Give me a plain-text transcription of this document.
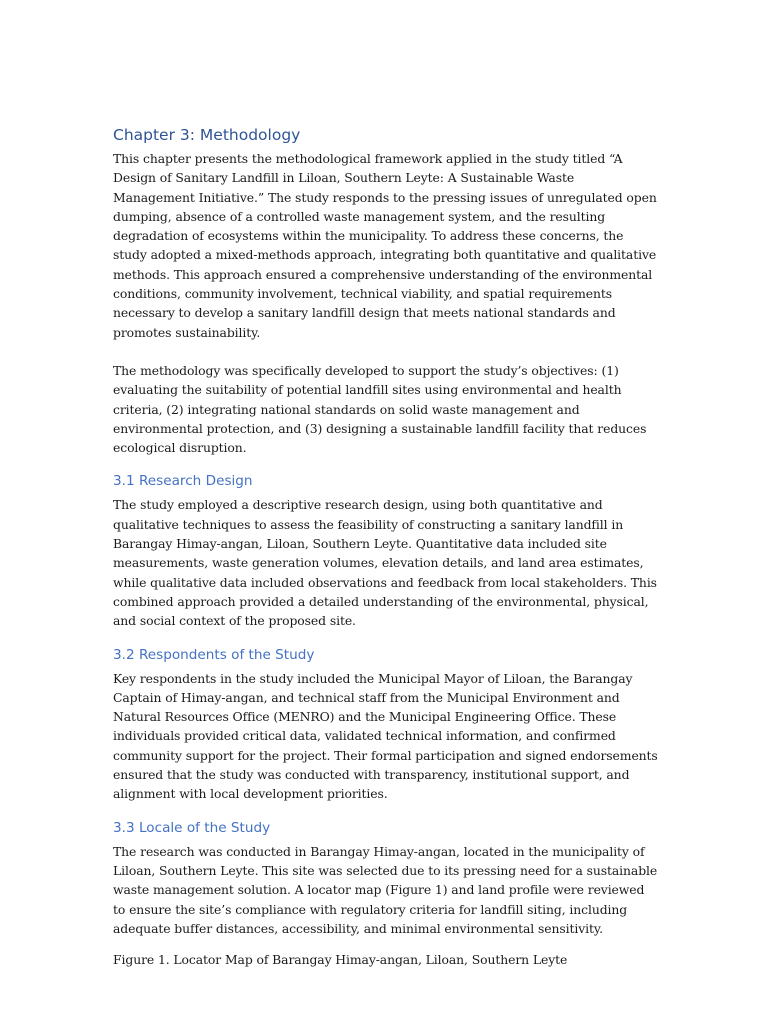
Chapter 3: Methodology

This chapter presents the methodological framework applied in the study titled “A Design of Sanitary Landfill in Liloan, Southern Leyte: A Sustainable Waste Management Initiative.” The study responds to the pressing issues of unregulated open dumping, absence of a controlled waste management system, and the resulting degradation of ecosystems within the municipality. To address these concerns, the study adopted a mixed-methods approach, integrating both quantitative and qualitative methods. This approach ensured a comprehensive understanding of the environmental conditions, community involvement, technical viability, and spatial requirements necessary to develop a sanitary landfill design that meets national standards and promotes sustainability.

The methodology was specifically developed to support the study’s objectives: (1) evaluating the suitability of potential landfill sites using environmental and health criteria, (2) integrating national standards on solid waste management and environmental protection, and (3) designing a sustainable landfill facility that reduces ecological disruption.

3.1 Research Design

The study employed a descriptive research design, using both quantitative and qualitative techniques to assess the feasibility of constructing a sanitary landfill in Barangay Himay-angan, Liloan, Southern Leyte. Quantitative data included site measurements, waste generation volumes, elevation details, and land area estimates, while qualitative data included observations and feedback from local stakeholders. This combined approach provided a detailed understanding of the environmental, physical, and social context of the proposed site.

3.2 Respondents of the Study

Key respondents in the study included the Municipal Mayor of Liloan, the Barangay Captain of Himay-angan, and technical staff from the Municipal Environment and Natural Resources Office (MENRO) and the Municipal Engineering Office. These individuals provided critical data, validated technical information, and confirmed community support for the project. Their formal participation and signed endorsements ensured that the study was conducted with transparency, institutional support, and alignment with local development priorities.

3.3 Locale of the Study

The research was conducted in Barangay Himay-angan, located in the municipality of Liloan, Southern Leyte. This site was selected due to its pressing need for a sustainable waste management solution. A locator map (Figure 1) and land profile were reviewed to ensure the site’s compliance with regulatory criteria for landfill siting, including adequate buffer distances, accessibility, and minimal environmental sensitivity.

Figure 1. Locator Map of Barangay Himay-angan, Liloan, Southern Leyte
